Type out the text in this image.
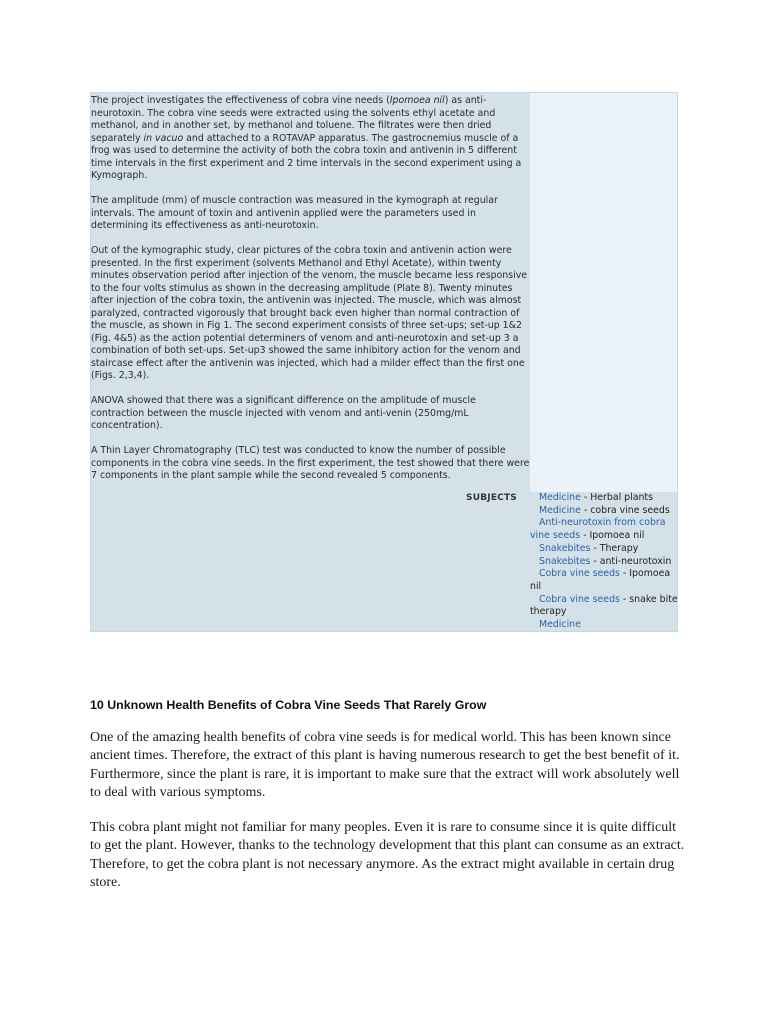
The project investigates the effectiveness of cobra vine needs (Ipomoea nil) as anti-neurotoxin. The cobra vine seeds were extracted using the solvents ethyl acetate and methanol, and in another set, by methanol and toluene. The filtrates were then dried separately in vacuo and attached to a ROTAVAP apparatus. The gastrocnemius muscle of a frog was used to determine the activity of both the cobra toxin and antivenin in 5 different time intervals in the first experiment and 2 time intervals in the second experiment using a Kymograph.

The amplitude (mm) of muscle contraction was measured in the kymograph at regular intervals. The amount of toxin and antivenin applied were the parameters used in determining its effectiveness as anti-neurotoxin.

Out of the kymographic study, clear pictures of the cobra toxin and antivenin action were presented. In the first experiment (solvents Methanol and Ethyl Acetate), within twenty minutes observation period after injection of the venom, the muscle became less responsive to the four volts stimulus as shown in the decreasing amplitude (Plate 8). Twenty minutes after injection of the cobra toxin, the antivenin was injected. The muscle, which was almost paralyzed, contracted vigorously that brought back even higher than normal contraction of the muscle, as shown in Fig 1. The second experiment consists of three set-ups; set-up 1&2 (Fig. 4&5) as the action potential determiners of venom and anti-neurotoxin and set-up 3 a combination of both set-ups. Set-up3 showed the same inhibitory action for the venom and staircase effect after the antivenin was injected, which had a milder effect than the first one (Figs. 2,3,4).

ANOVA showed that there was a significant difference on the amplitude of muscle contraction between the muscle injected with venom and anti-venin (250mg/mL concentration).

A Thin Layer Chromatography (TLC) test was conducted to know the number of possible components in the cobra vine seeds. In the first experiment, the test showed that there were 7 components in the plant sample while the second revealed 5 components.

SUBJECTS	Medicine - Herbal plants
Medicine - cobra vine seeds
Anti-neurotoxin from cobra vine seeds - Ipomoea nil
Snakebites - Therapy
Snakebites - anti-neurotoxin
Cobra vine seeds - Ipomoea nil
Cobra vine seeds - snake bite therapy
Medicine
10 Unknown Health Benefits of Cobra Vine Seeds That Rarely Grow

One of the amazing health benefits of cobra vine seeds is for medical world. This has been known since ancient times. Therefore, the extract of this plant is having numerous research to get the best benefit of it. Furthermore, since the plant is rare, it is important to make sure that the extract will work absolutely well to deal with various symptoms.

This cobra plant might not familiar for many peoples. Even it is rare to consume since it is quite difficult to get the plant. However, thanks to the technology development that this plant can consume as an extract. Therefore, to get the cobra plant is not necessary anymore. As the extract might available in certain drug store.
